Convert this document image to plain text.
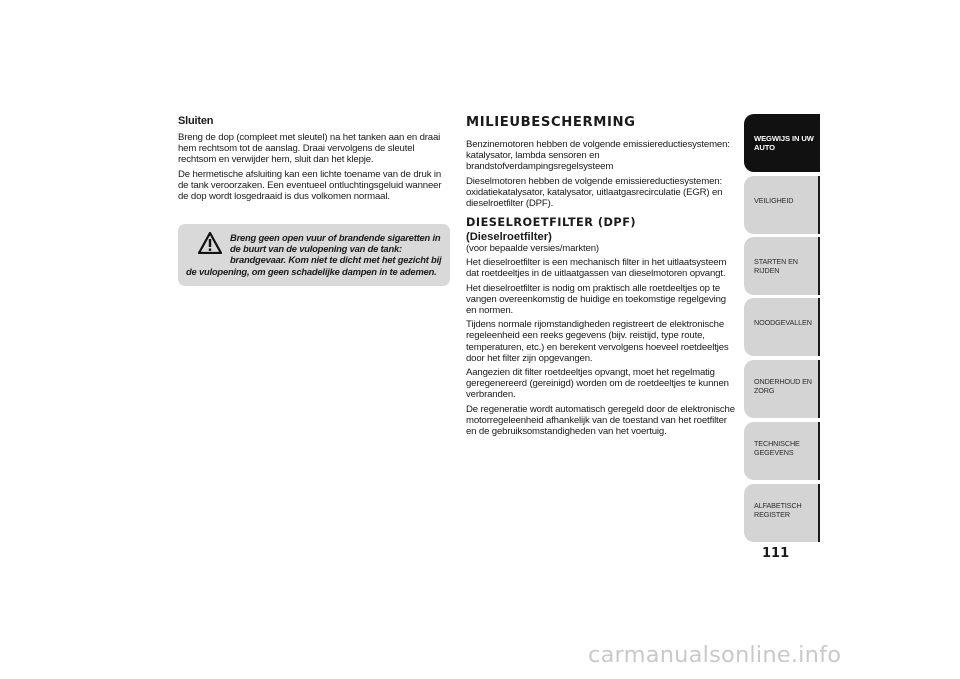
Sluiten

Breng de dop (compleet met sleutel) na het tanken aan en draai hem rechtsom tot de aanslag. Draai vervolgens de sleutel rechtsom en verwijder hem, sluit dan het klepje.

De hermetische afsluiting kan een lichte toename van de druk in de tank veroorzaken. Een eventueel ontluchtingsgeluid wanneer de dop wordt losgedraaid is dus volkomen normaal.

Breng geen open vuur of brandende sigaretten in de buurt van de vulopening van de tank: brandgevaar. Kom niet te dicht met het gezicht bij de vulopening, om geen schadelijke dampen in te ademen.
MILIEUBESCHERMING

Benzinemotoren hebben de volgende emissiereductiesystemen: katalysator, lambda sensoren en brandstofverdampingsregelsysteem

Dieselmotoren hebben de volgende emissiereductiesystemen: oxidatiekatalysator, katalysator, uitlaatgasrecirculatie (EGR) en dieselroetfilter (DPF).

DIESELROETFILTER (DPF)
(Dieselroetfilter)

(voor bepaalde versies/markten)

Het dieselroetfilter is een mechanisch filter in het uitlaatsysteem dat roetdeeltjes in de uitlaatgassen van dieselmotoren opvangt.

Het dieselroetfilter is nodig om praktisch alle roetdeeltjes op te vangen overeenkomstig de huidige en toekomstige regelgeving en normen.

Tijdens normale rijomstandigheden registreert de elektronische regeleenheid een reeks gegevens (bijv. reistijd, type route, temperaturen, etc.) en berekent vervolgens hoeveel roetdeeltjes door het filter zijn opgevangen.

Aangezien dit filter roetdeeltjes opvangt, moet het regelmatig geregenereerd (gereinigd) worden om de roetdeeltjes te kunnen verbranden.

De regeneratie wordt automatisch geregeld door de elektronische motorregeleenheid afhankelijk van de toestand van het roetfilter en de gebruiksomstandigheden van het voertuig.

WEGWIJS IN UW AUTO
VEILIGHEID
STARTEN EN RIJDEN
NOODGEVALLEN
ONDERHOUD EN ZORG
TECHNISCHE GEGEVENS
ALFABETISCH REGISTER
111
carmanualsonline.info
